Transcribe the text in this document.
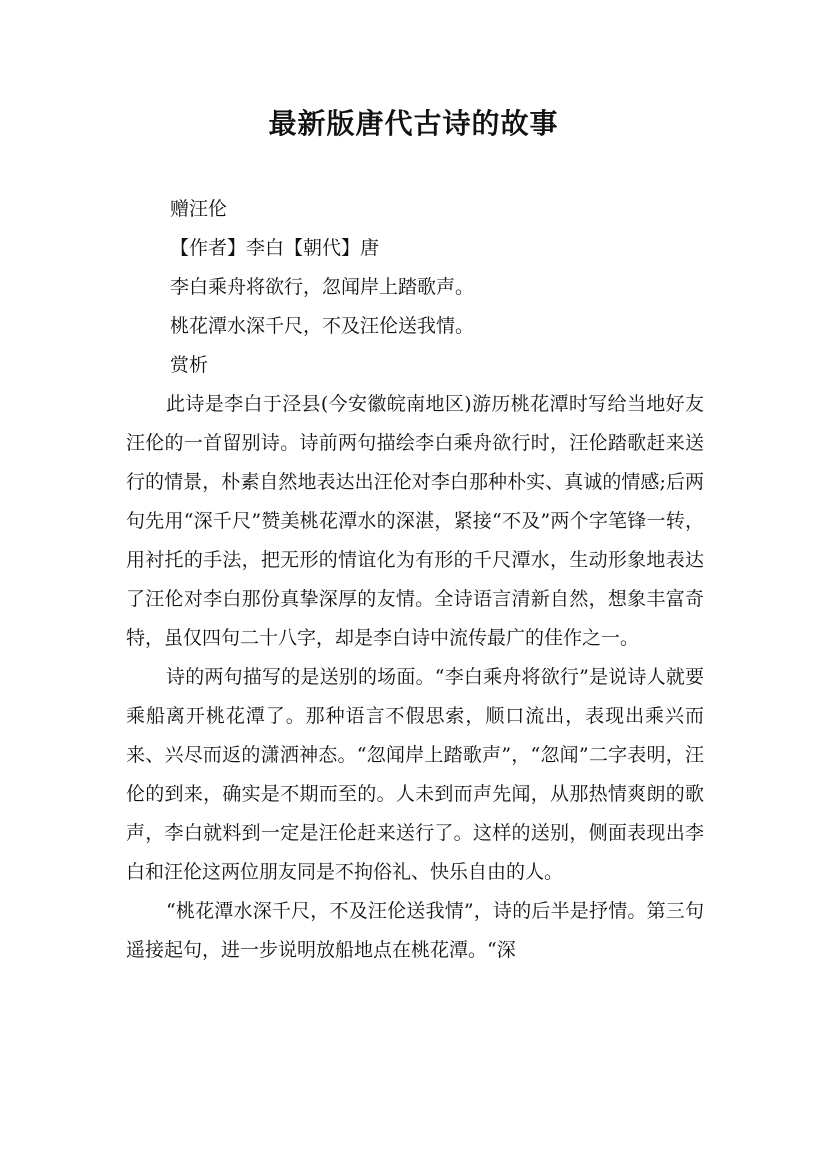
最新版唐代古诗的故事

赠汪伦

【作者】李白【朝代】唐

李白乘舟将欲行，忽闻岸上踏歌声。

桃花潭水深千尺，不及汪伦送我情。

赏析

此诗是李白于泾县(今安徽皖南地区)游历桃花潭时写给当地好友汪伦的一首留别诗。诗前两句描绘李白乘舟欲行时，汪伦踏歌赶来送行的情景，朴素自然地表达出汪伦对李白那种朴实、真诚的情感;后两句先用“深千尺”赞美桃花潭水的深湛，紧接“不及”两个字笔锋一转，用衬托的手法，把无形的情谊化为有形的千尺潭水，生动形象地表达了汪伦对李白那份真挚深厚的友情。全诗语言清新自然，想象丰富奇特，虽仅四句二十八字，却是李白诗中流传最广的佳作之一。

诗的两句描写的是送别的场面。“李白乘舟将欲行”是说诗人就要乘船离开桃花潭了。那种语言不假思索，顺口流出，表现出乘兴而来、兴尽而返的潇洒神态。“忽闻岸上踏歌声”，“忽闻”二字表明，汪伦的到来，确实是不期而至的。人未到而声先闻，从那热情爽朗的歌声，李白就料到一定是汪伦赶来送行了。这样的送别，侧面表现出李白和汪伦这两位朋友同是不拘俗礼、快乐自由的人。

“桃花潭水深千尺，不及汪伦送我情”，诗的后半是抒情。第三句遥接起句，进一步说明放船地点在桃花潭。“深
